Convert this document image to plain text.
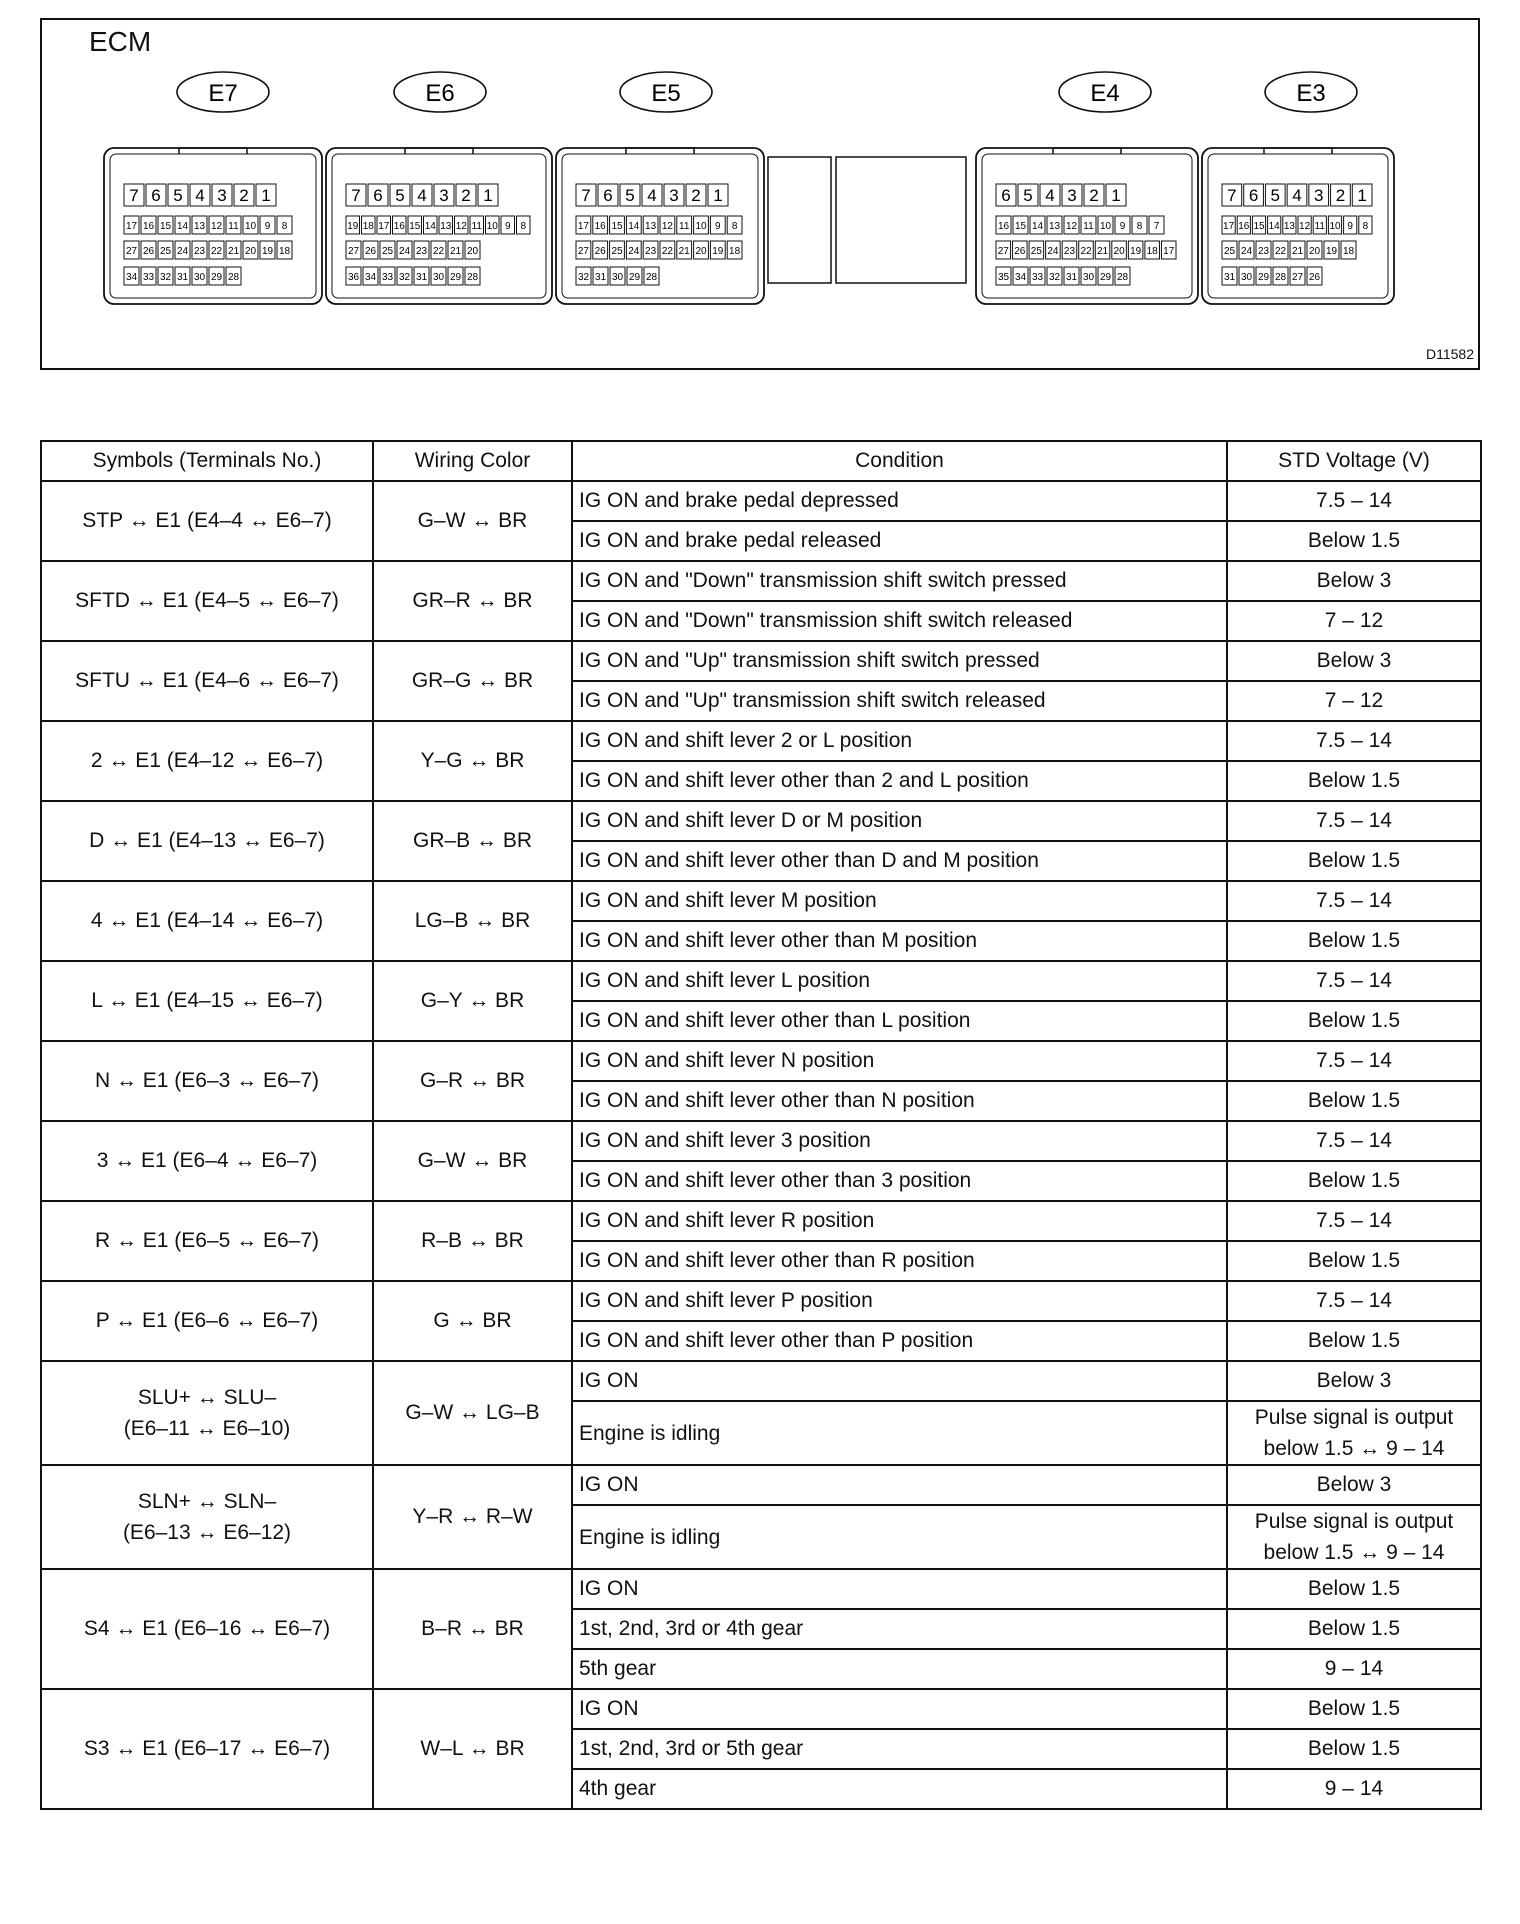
ECM
E7
7 6 5 4 3 2 1
17 16 15 14 13 12 11 10 9 8
27 26 25 24 23 22 21 20 19 18
34 33 32 31 30 29 28
E6
7 6 5 4 3 2 1
19 18 17 16 15 14 13 12 11 10 9 8
27 26 25 24 23 22 21 20
36 34 33 32 31 30 29 28
E5
7 6 5 4 3 2 1
17 16 15 14 13 12 11 10 9 8
27 26 25 24 23 22 21 20 19 18
32 31 30 29 28
E4
6 5 4 3 2 1
16 15 14 13 12 11 10 9 8 7
27 26 25 24 23 22 21 20 19 18 17
35 34 33 32 31 30 29 28
E3
7 6 5 4 3 2 1
17 16 15 14 13 12 11 10 9 8
25 24 23 22 21 20 19 18
31 30 29 28 27 26
D11582
Symbols (Terminals No.)	Wiring Color	Condition	STD Voltage (V)

STP ↔ E1 (E4–4 ↔ E6–7)	G–W ↔ BR	IG ON and brake pedal depressed	7.5 – 14

		IG ON and brake pedal released	Below 1.5

SFTD ↔ E1 (E4–5 ↔ E6–7)	GR–R ↔ BR	IG ON and "Down" transmission shift switch pressed	Below 3

		IG ON and "Down" transmission shift switch released	7 – 12

SFTU ↔ E1 (E4–6 ↔ E6–7)	GR–G ↔ BR	IG ON and "Up" transmission shift switch pressed	Below 3

		IG ON and "Up" transmission shift switch released	7 – 12

2 ↔ E1 (E4–12 ↔ E6–7)	Y–G ↔ BR	IG ON and shift lever 2 or L position	7.5 – 14

		IG ON and shift lever other than 2 and L position	Below 1.5

D ↔ E1 (E4–13 ↔ E6–7)	GR–B ↔ BR	IG ON and shift lever D or M position	7.5 – 14

		IG ON and shift lever other than D and M position	Below 1.5

4 ↔ E1 (E4–14 ↔ E6–7)	LG–B ↔ BR	IG ON and shift lever M position	7.5 – 14

		IG ON and shift lever other than M position	Below 1.5

L ↔ E1 (E4–15 ↔ E6–7)	G–Y ↔ BR	IG ON and shift lever L position	7.5 – 14

		IG ON and shift lever other than L position	Below 1.5

N ↔ E1 (E6–3 ↔ E6–7)	G–R ↔ BR	IG ON and shift lever N position	7.5 – 14

		IG ON and shift lever other than N position	Below 1.5

3 ↔ E1 (E6–4 ↔ E6–7)	G–W ↔ BR	IG ON and shift lever 3 position	7.5 – 14

		IG ON and shift lever other than 3 position	Below 1.5

R ↔ E1 (E6–5 ↔ E6–7)	R–B ↔ BR	IG ON and shift lever R position	7.5 – 14

		IG ON and shift lever other than R position	Below 1.5

P ↔ E1 (E6–6 ↔ E6–7)	G ↔ BR	IG ON and shift lever P position	7.5 – 14

		IG ON and shift lever other than P position	Below 1.5

SLU+ ↔ SLU–
(E6–11 ↔ E6–10)	G–W ↔ LG–B	IG ON	Below 3

		Engine is idling	Pulse signal is output
below 1.5 ↔ 9 – 14

SLN+ ↔ SLN–
(E6–13 ↔ E6–12)	Y–R ↔ R–W	IG ON	Below 3

		Engine is idling	Pulse signal is output
below 1.5 ↔ 9 – 14

S4 ↔ E1 (E6–16 ↔ E6–7)	B–R ↔ BR	IG ON	Below 1.5

		1st, 2nd, 3rd or 4th gear	Below 1.5

		5th gear	9 – 14

S3 ↔ E1 (E6–17 ↔ E6–7)	W–L ↔ BR	IG ON	Below 1.5

		1st, 2nd, 3rd or 5th gear	Below 1.5

		4th gear	9 – 14
